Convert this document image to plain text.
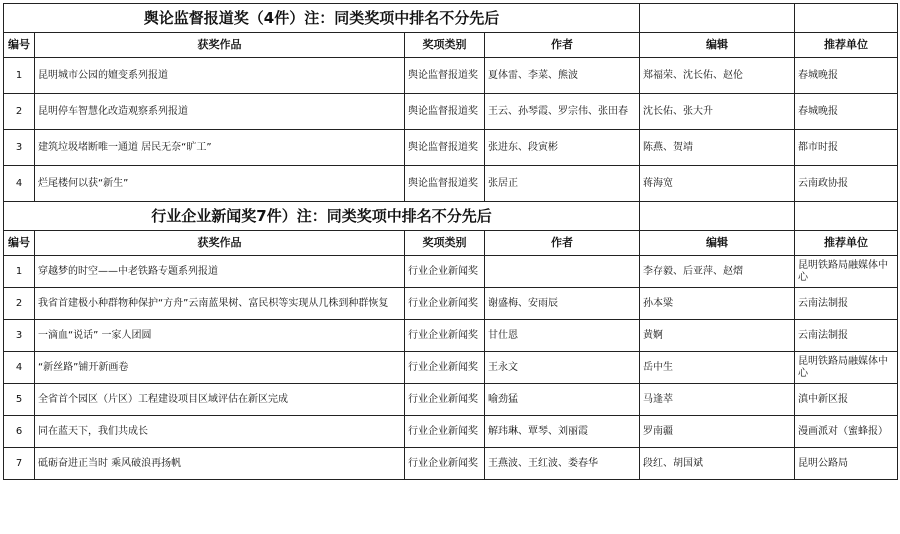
舆论监督报道奖（4件）注：同类奖项中排名不分先后					
编号	获奖作品	奖项类别	作者	编辑	推荐单位
1	昆明城市公园的嬗变系列报道	舆论监督报道奖	夏体雷、李菜、熊波	郑福荣、沈长佑、赵伦	春城晚报
2	昆明停车智慧化改造观察系列报道	舆论监督报道奖	王云、孙琴霞、罗宗伟、张田春	沈长佑、张大升	春城晚报
3	建筑垃圾堵断唯一通道 居民无奈“旷工”	舆论监督报道奖	张进东、段寅彬	陈燕、贺靖	都市时报
4	烂尾楼何以获“新生”	舆论监督报道奖	张居正	蒋海宽	云南政协报
行业企业新闻奖7件）注：同类奖项中排名不分先后					
编号	获奖作品	奖项类别	作者	编辑	推荐单位
1	穿越梦的时空——中老铁路专题系列报道	行业企业新闻奖		李存毅、后亚萍、赵熠	昆明铁路局融媒体中心
2	我省首建极小种群物种保护“方舟”云南蓝果树、富民枳等实现从几株到种群恢复	行业企业新闻奖	谢盛梅、安雨辰	孙本粱	云南法制报
3	一滴血“说话” 一家人团圆	行业企业新闻奖	甘仕恩	黄婀	云南法制报
4	“新丝路”铺开新画卷	行业企业新闻奖	王永文	岳中生	昆明铁路局融媒体中心
5	全省首个园区（片区）工程建设项目区域评估在新区完成	行业企业新闻奖	喻劲猛	马逢萃	滇中新区报
6	同在蓝天下，我们共成长	行业企业新闻奖	解玮琳、覃琴、刘丽霞	罗南疆	漫画派对（蜜蜂报）
7	砥砺奋进正当时 乘风破浪再扬帆	行业企业新闻奖	王燕波、王红波、娄春华	段红、胡国斌	昆明公路局
